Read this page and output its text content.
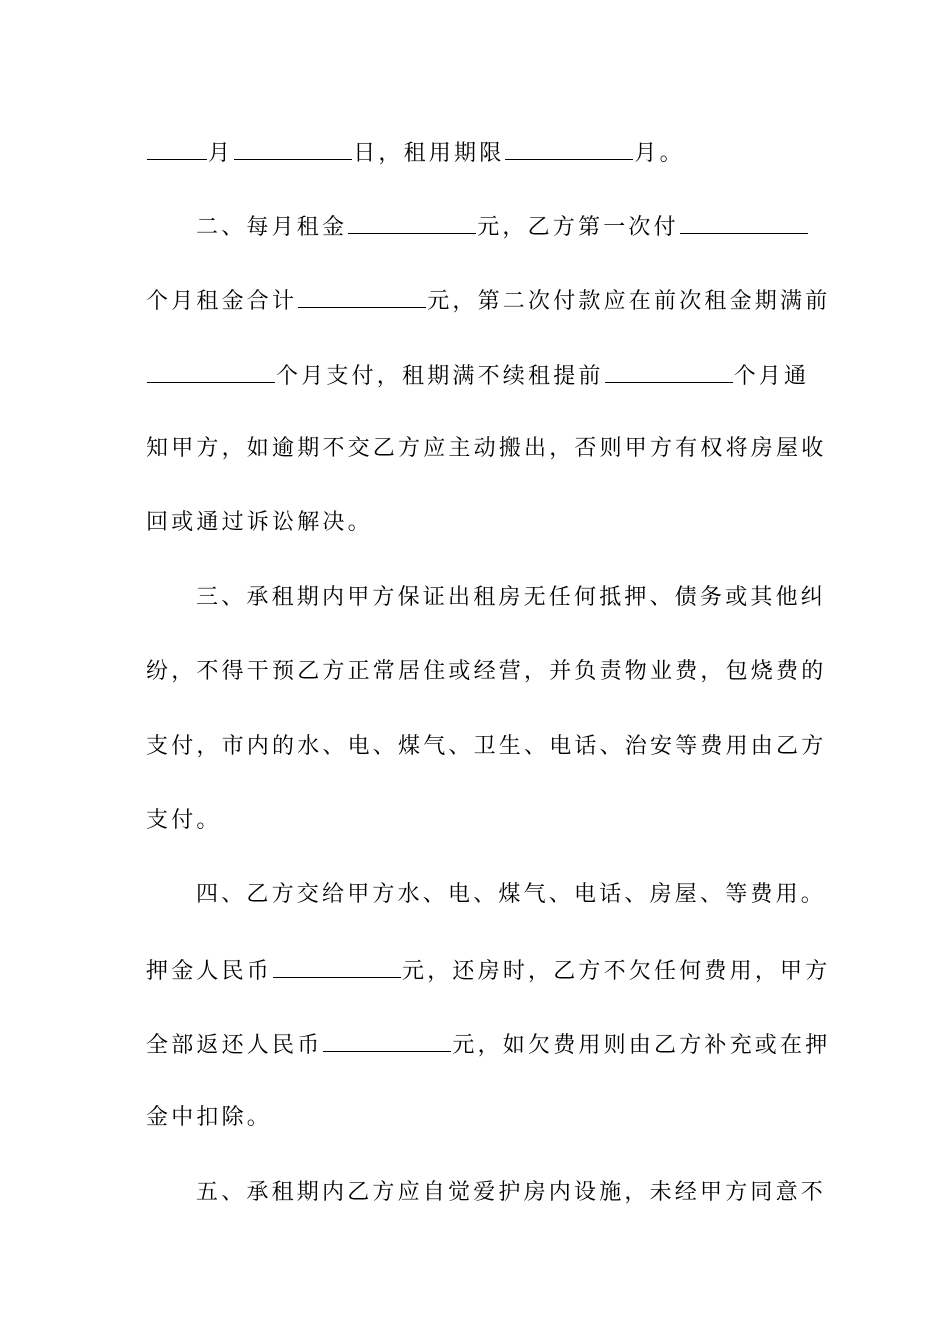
月	日，租用期限	月。
二、每月租金	元，乙方第一次付
个月租金合计	元，第二次付款应在前次租金期满前
个月支付，租期满不续租提前	个月通
知甲方，如逾期不交乙方应主动搬出，否则甲方有权将房屋收
回或通过诉讼解决。
三、承租期内甲方保证出租房无任何抵押、债务或其他纠
纷，不得干预乙方正常居住或经营，并负责物业费，包烧费的
支付，市内的水、电、煤气、卫生、电话、治安等费用由乙方
支付。
四、乙方交给甲方水、电、煤气、电话、房屋、等费用。
押金人民币	元，还房时，乙方不欠任何费用，甲方
全部返还人民币	元，如欠费用则由乙方补充或在押
金中扣除。
五、承租期内乙方应自觉爱护房内设施，未经甲方同意不
